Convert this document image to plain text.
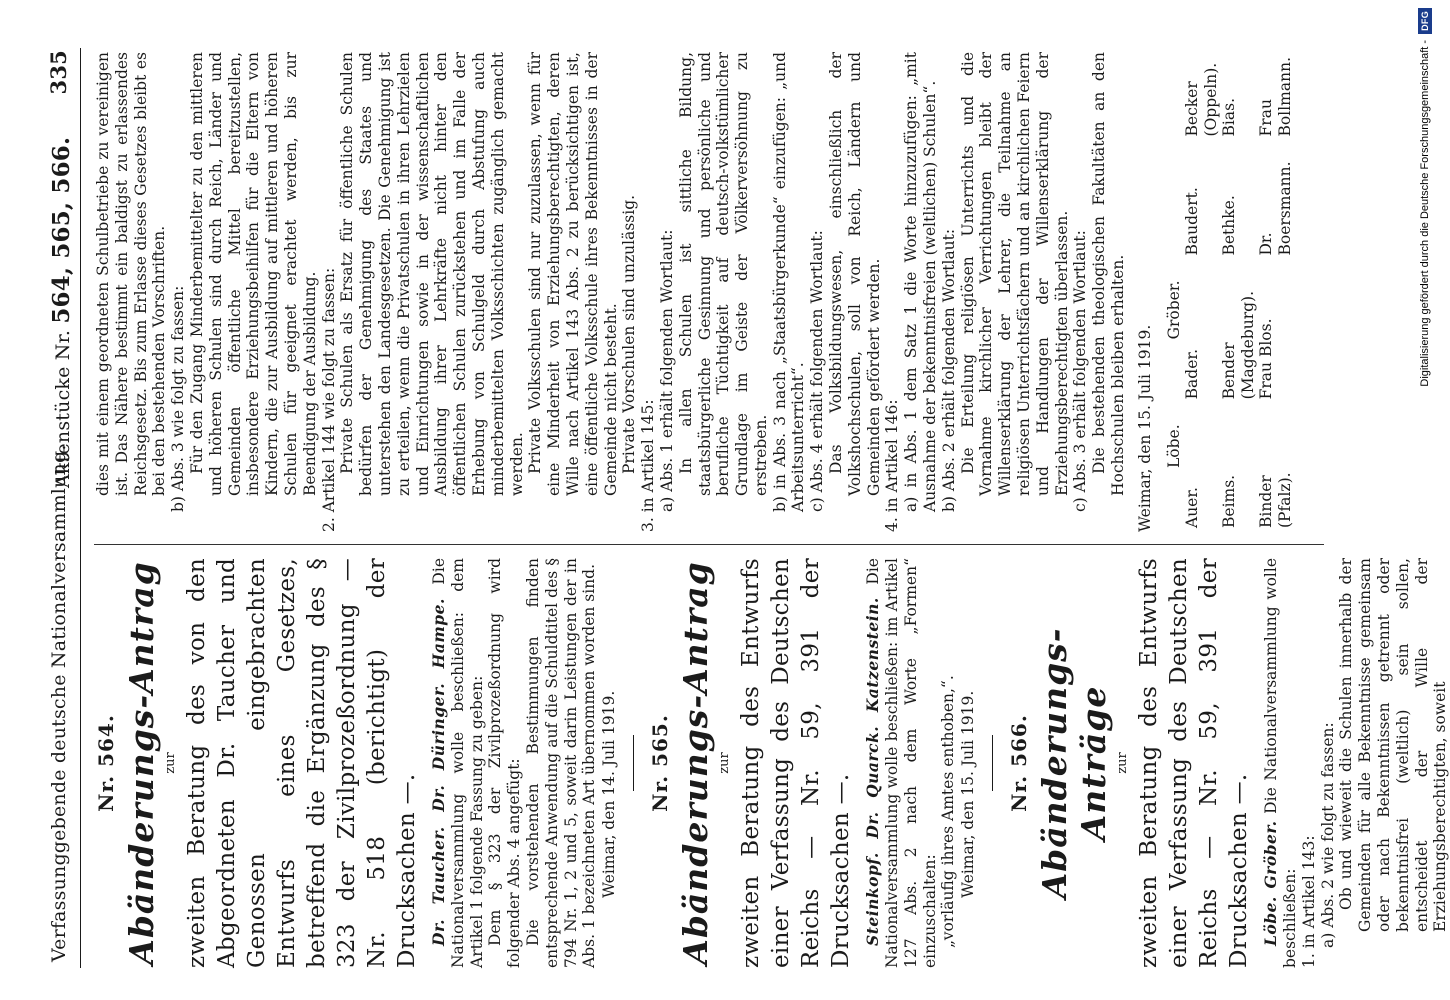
Verfassunggebende deutsche Nationalversammlung.
Aktenstücke Nr. 564, 565, 566.
335
Nr. 564. Abänderungs-Antrag zur zweiten Beratung des von den Abgeordneten Dr. Taucher und Genossen eingebrachten Entwurfs eines Gesetzes, betreffend die Ergänzung des § 323 der Zivilprozeßordnung — Nr. 518 (berichtigt) der Drucksachen —. Dr. Taucher. Dr. Düringer. Hampe. Die Nationalversammlung wolle beschließen: dem Artikel 1 folgende Fassung zu geben: Dem § 323 der Zivilprozeßordnung wird folgender Abs. 4 angefügt: Die vorstehenden Bestimmungen finden entsprechende Anwendung auf die Schuldtitel des § 794 Nr. 1, 2 und 5, soweit darin Leistungen der in Abs. 1 bezeichneten Art übernommen worden sind. Weimar, den 14. Juli 1919. Nr. 565. Abänderungs-Antrag zur zweiten Beratung des Entwurfs einer Verfassung des Deutschen Reichs — Nr. 59, 391 der Drucksachen —. Steinkopf. Dr. Quarck. Katzenstein. Die Nationalversammlung wolle beschließen: im Artikel 127 Abs. 2 nach dem Worte „Formen“ einzuschalten: „vorläufig ihres Amtes enthoben,“. Weimar, den 15. Juli 1919. Nr. 566. Abänderungs-Anträge zur zweiten Beratung des Entwurfs einer Verfassung des Deutschen Reichs — Nr. 59, 391 der Drucksachen —. Löbe. Gröber. Die Nationalversammlung wolle beschließen: 1. in Artikel 143: a) Abs. 2 wie folgt zu fassen: Ob und wieweit die Schulen innerhalb der Gemeinden für alle Bekenntnisse gemeinsam oder nach Bekenntnissen getrennt oder bekenntnisfrei (weltlich) sein sollen, entscheidet der Wille der Erziehungsberechtigten, soweit

dies mit einem geordneten Schulbetriebe zu vereinigen ist. Das Nähere bestimmt ein baldigst zu erlassendes Reichsgesetz. Bis zum Erlasse dieses Gesetzes bleibt es bei den bestehenden Vorschriften. b) Abs. 3 wie folgt zu fassen: Für den Zugang Minderbemittelter zu den mittleren und höheren Schulen sind durch Reich, Länder und Gemeinden öffentliche Mittel bereitzustellen, insbesondere Erziehungsbeihilfen für die Eltern von Kindern, die zur Ausbildung auf mittleren und höheren Schulen für geeignet erachtet werden, bis zur Beendigung der Ausbildung. 2. Artikel 144 wie folgt zu fassen: Private Schulen als Ersatz für öffentliche Schulen bedürfen der Genehmigung des Staates und unterstehen den Landesgesetzen. Die Genehmigung ist zu erteilen, wenn die Privatschulen in ihren Lehrzielen und Einrichtungen sowie in der wissenschaftlichen Ausbildung ihrer Lehrkräfte nicht hinter den öffentlichen Schulen zurückstehen und im Falle der Erhebung von Schulgeld durch Abstufung auch minderbemittelten Volksschichten zugänglich gemacht werden. Private Volksschulen sind nur zuzulassen, wenn für eine Minderheit von Erziehungsberechtigten, deren Wille nach Artikel 143 Abs. 2 zu berücksichtigen ist, eine öffentliche Volksschule ihres Bekenntnisses in der Gemeinde nicht besteht. Private Vorschulen sind unzulässig. 3. in Artikel 145: a) Abs. 1 erhält folgenden Wortlaut: In allen Schulen ist sittliche Bildung, staatsbürgerliche Gesinnung und persönliche und berufliche Tüchtigkeit auf deutsch-volkstümlicher Grundlage im Geiste der Völkerversöhnung zu erstreben. b) in Abs. 3 nach „Staatsbürgerkunde“ einzufügen: „und Arbeitsunterricht“. c) Abs. 4 erhält folgenden Wortlaut: Das Volksbildungswesen, einschließlich der Volkshochschulen, soll von Reich, Ländern und Gemeinden gefördert werden. 4. in Artikel 146: a) in Abs. 1 dem Satz 1 die Worte hinzuzufügen: „mit Ausnahme der bekenntnisfreien (weltlichen) Schulen“. b) Abs. 2 erhält folgenden Wortlaut: Die Erteilung religiösen Unterrichts und die Vornahme kirchlicher Verrichtungen bleibt der Willenserklärung der Lehrer, die Teilnahme an religiösen Unterrichtsfächern und an kirchlichen Feiern und Handlungen der Willenserklärung der Erziehungsberechtigten überlassen. c) Abs. 3 erhält folgenden Wortlaut: Die bestehenden theologischen Fakultäten an den Hochschulen bleiben erhalten. Weimar, den 15. Juli 1919. Löbe.
Gröber.
Auer.
Bader.
Baudert.
Becker (Oppeln).
Beims.
Bender (Magdeburg).
Bethke.
Bias.
Binder (Pfalz).
Frau Blos.
Dr. Boersmann.
Frau Bollmann.	Digitalisierung gefördert durch die Deutsche Forschungsgemeinschaft -
DFG
